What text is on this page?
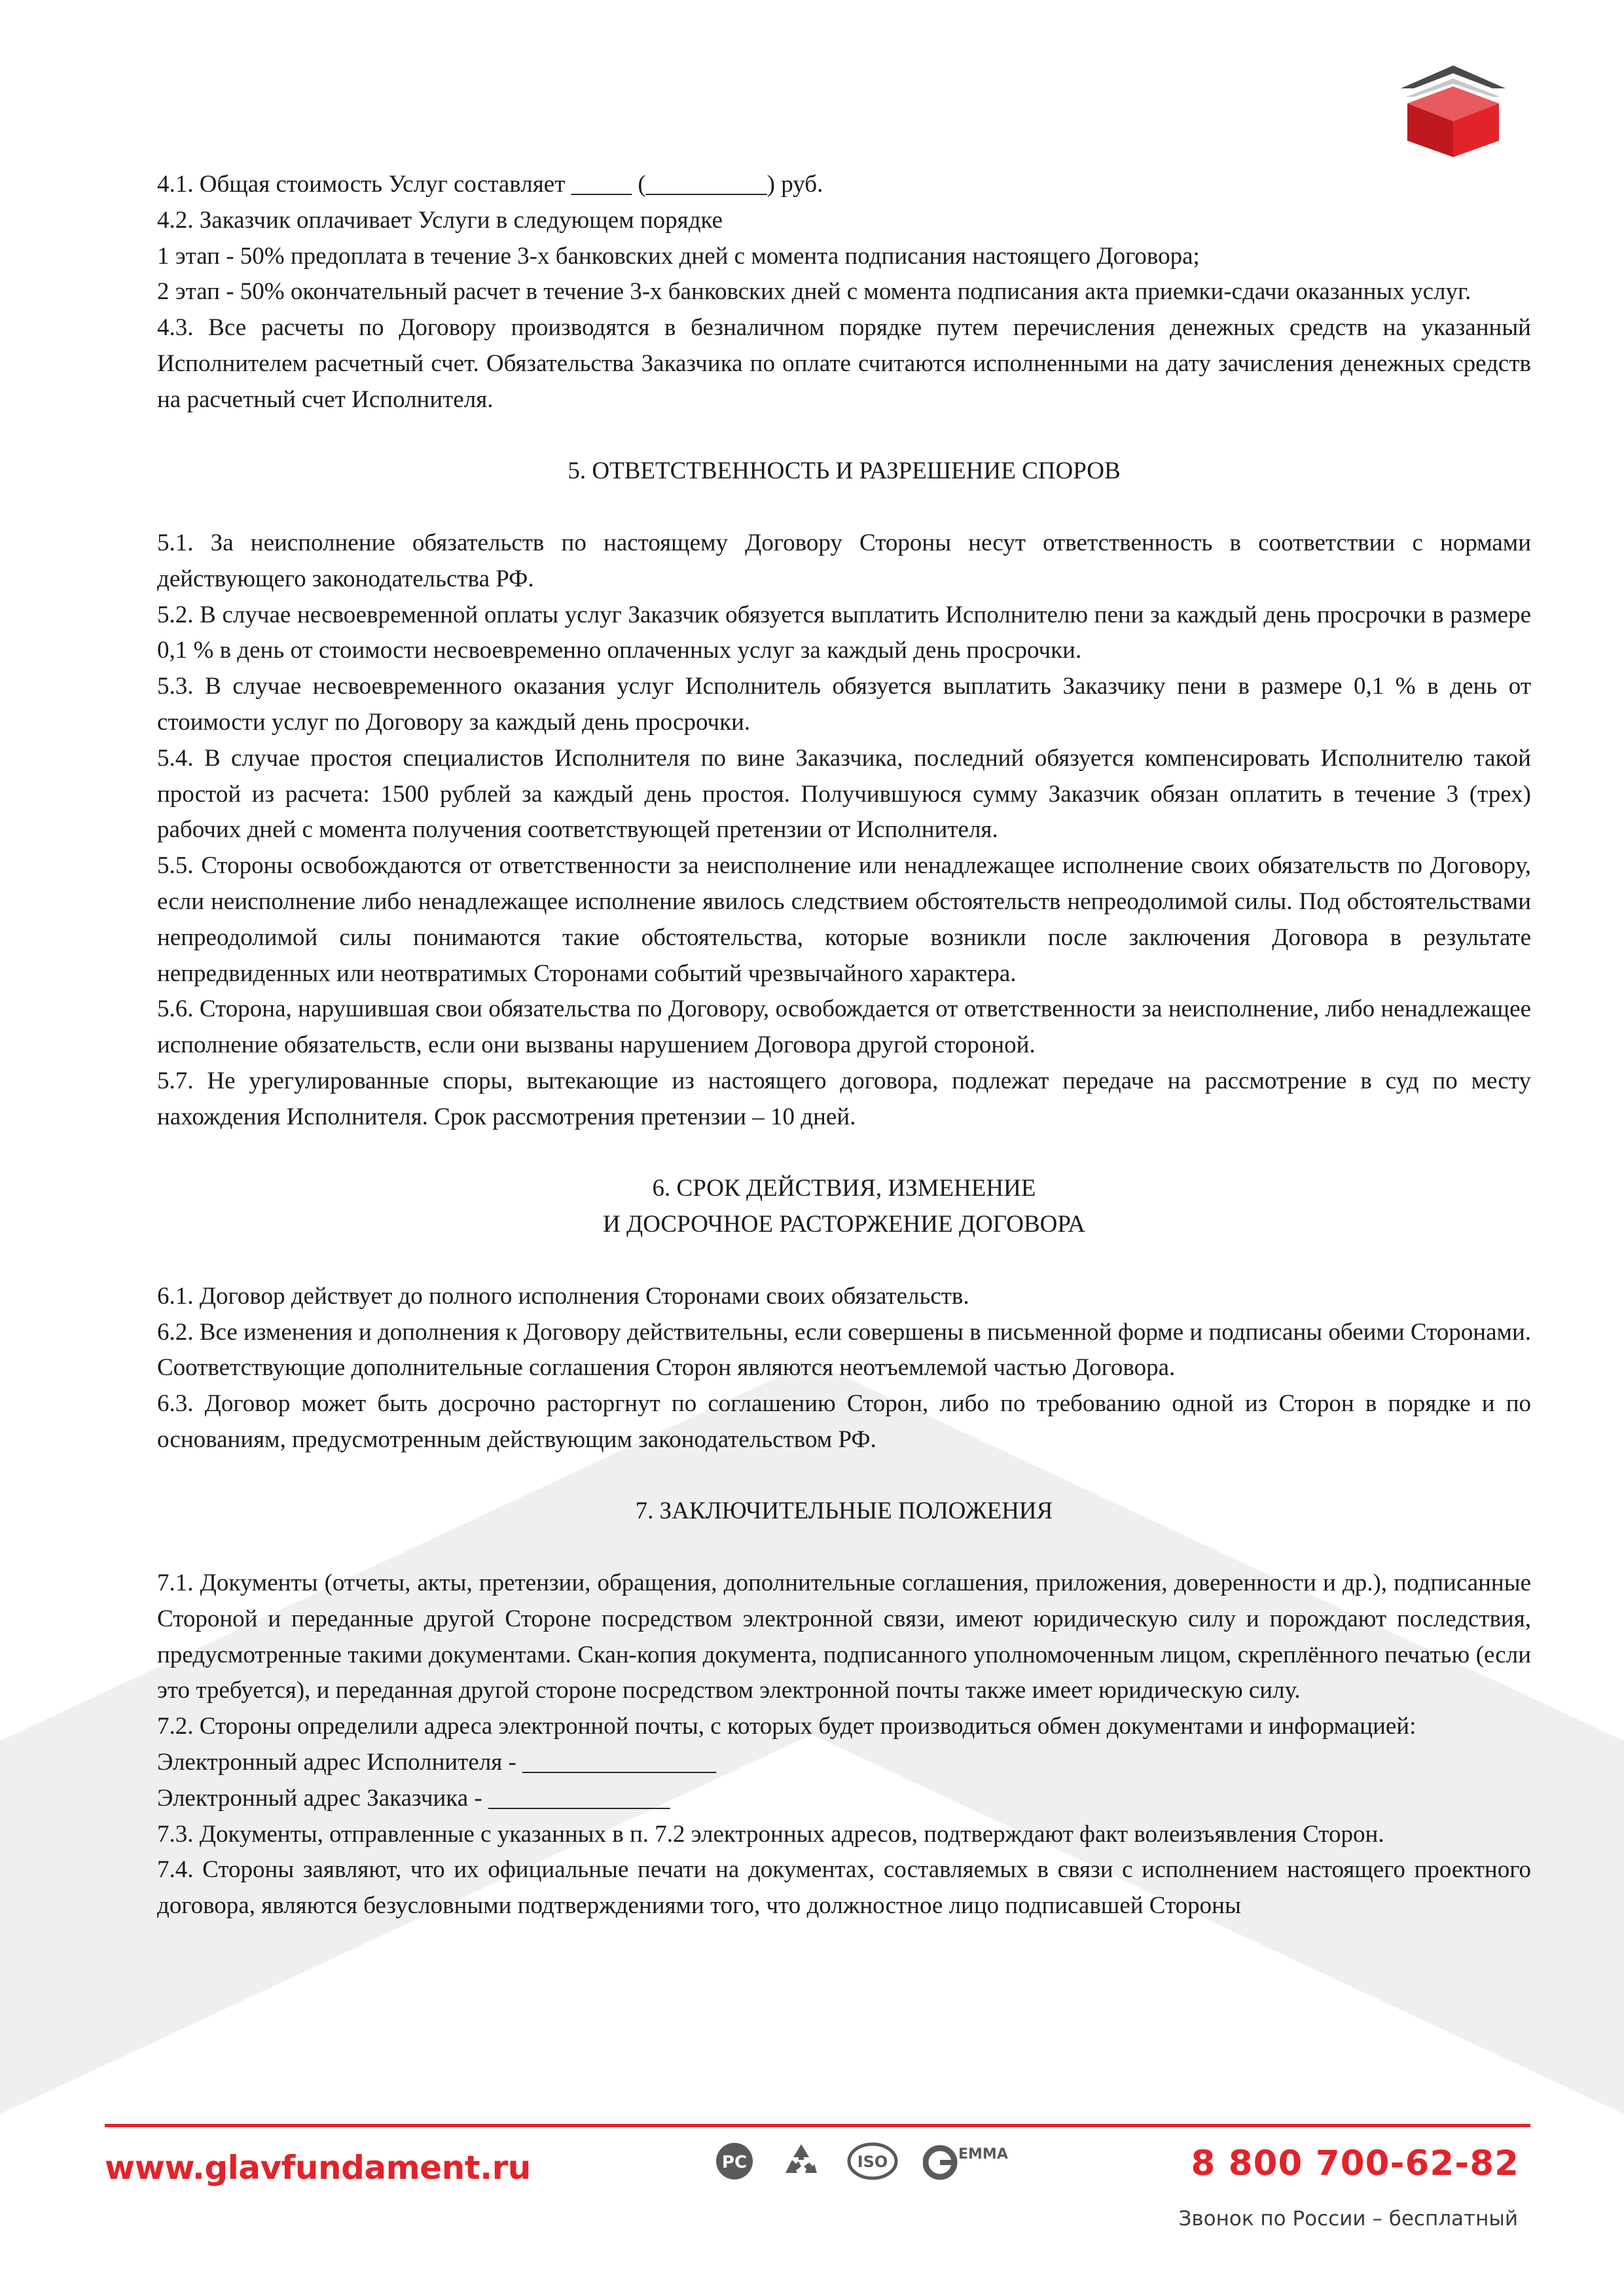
4.1. Общая стоимость Услуг составляет _____ (__________) руб.

4.2. Заказчик оплачивает Услуги в следующем порядке

1 этап - 50% предоплата в течение 3-х банковских дней с момента подписания настоящего Договора;

2 этап - 50% окончательный расчет в течение 3-х банковских дней с момента подписания акта приемки-сдачи оказанных услуг.

4.3. Все расчеты по Договору производятся в безналичном порядке путем перечисления денежных средств на указанный Исполнителем расчетный счет. Обязательства Заказчика по оплате считаются исполненными на дату зачисления денежных средств на расчетный счет Исполнителя.

5. ОТВЕТСТВЕННОСТЬ И РАЗРЕШЕНИЕ СПОРОВ

5.1. За неисполнение обязательств по настоящему Договору Стороны несут ответственность в соответствии с нормами действующего законодательства РФ.

5.2. В случае несвоевременной оплаты услуг Заказчик обязуется выплатить Исполнителю пени за каждый день просрочки в размере 0,1 % в день от стоимости несвоевременно оплаченных услуг за каждый день просрочки.

5.3. В случае несвоевременного оказания услуг Исполнитель обязуется выплатить Заказчику пени в размере 0,1 % в день от стоимости услуг по Договору за каждый день просрочки.

5.4. В случае простоя специалистов Исполнителя по вине Заказчика, последний обязуется компенсировать Исполнителю такой простой из расчета: 1500 рублей за каждый день простоя. Получившуюся сумму Заказчик обязан оплатить в течение 3 (трех) рабочих дней с момента получения соответствующей претензии от Исполнителя.

5.5. Стороны освобождаются от ответственности за неисполнение или ненадлежащее исполнение своих обязательств по Договору, если неисполнение либо ненадлежащее исполнение явилось следствием обстоятельств непреодолимой силы. Под обстоятельствами непреодолимой силы понимаются такие обстоятельства, которые возникли после заключения Договора в результате непредвиденных или неотвратимых Сторонами событий чрезвычайного характера.

5.6. Сторона, нарушившая свои обязательства по Договору, освобождается от ответственности за неисполнение, либо ненадлежащее исполнение обязательств, если они вызваны нарушением Договора другой стороной.

5.7. Не урегулированные споры, вытекающие из настоящего договора, подлежат передаче на рассмотрение в суд по месту нахождения Исполнителя. Срок рассмотрения претензии – 10 дней.

6. СРОК ДЕЙСТВИЯ, ИЗМЕНЕНИЕ
И ДОСРОЧНОЕ РАСТОРЖЕНИЕ ДОГОВОРА

6.1. Договор действует до полного исполнения Сторонами своих обязательств.

6.2. Все изменения и дополнения к Договору действительны, если совершены в письменной форме и подписаны обеими Сторонами. Соответствующие дополнительные соглашения Сторон являются неотъемлемой частью Договора.

6.3. Договор может быть досрочно расторгнут по соглашению Сторон, либо по требованию одной из Сторон в порядке и по основаниям, предусмотренным действующим законодательством РФ.

7. ЗАКЛЮЧИТЕЛЬНЫЕ ПОЛОЖЕНИЯ

7.1. Документы (отчеты, акты, претензии, обращения, дополнительные соглашения, приложения, доверенности и др.), подписанные Стороной и переданные другой Стороне посредством электронной связи, имеют юридическую силу и порождают последствия, предусмотренные такими документами. Скан-копия документа, подписанного уполномоченным лицом, скреплённого печатью (если это требуется), и переданная другой стороне посредством электронной почты также имеет юридическую силу.

7.2. Стороны определили адреса электронной почты, с которых будет производиться обмен документами и информацией:

Электронный адрес Исполнителя - ________________

Электронный адрес Заказчика - _______________

7.3. Документы, отправленные с указанных в п. 7.2 электронных адресов, подтверждают факт волеизъявления Сторон.

7.4. Стороны заявляют, что их официальные печати на документах, составляемых в связи с исполнением настоящего проектного договора, являются безусловными подтверждениями того, что должностное лицо подписавшей Стороны

www.glavfundament.ru	PC	ISO	EMMA	8 800 700-62-82
Звонок по России – бесплатный
